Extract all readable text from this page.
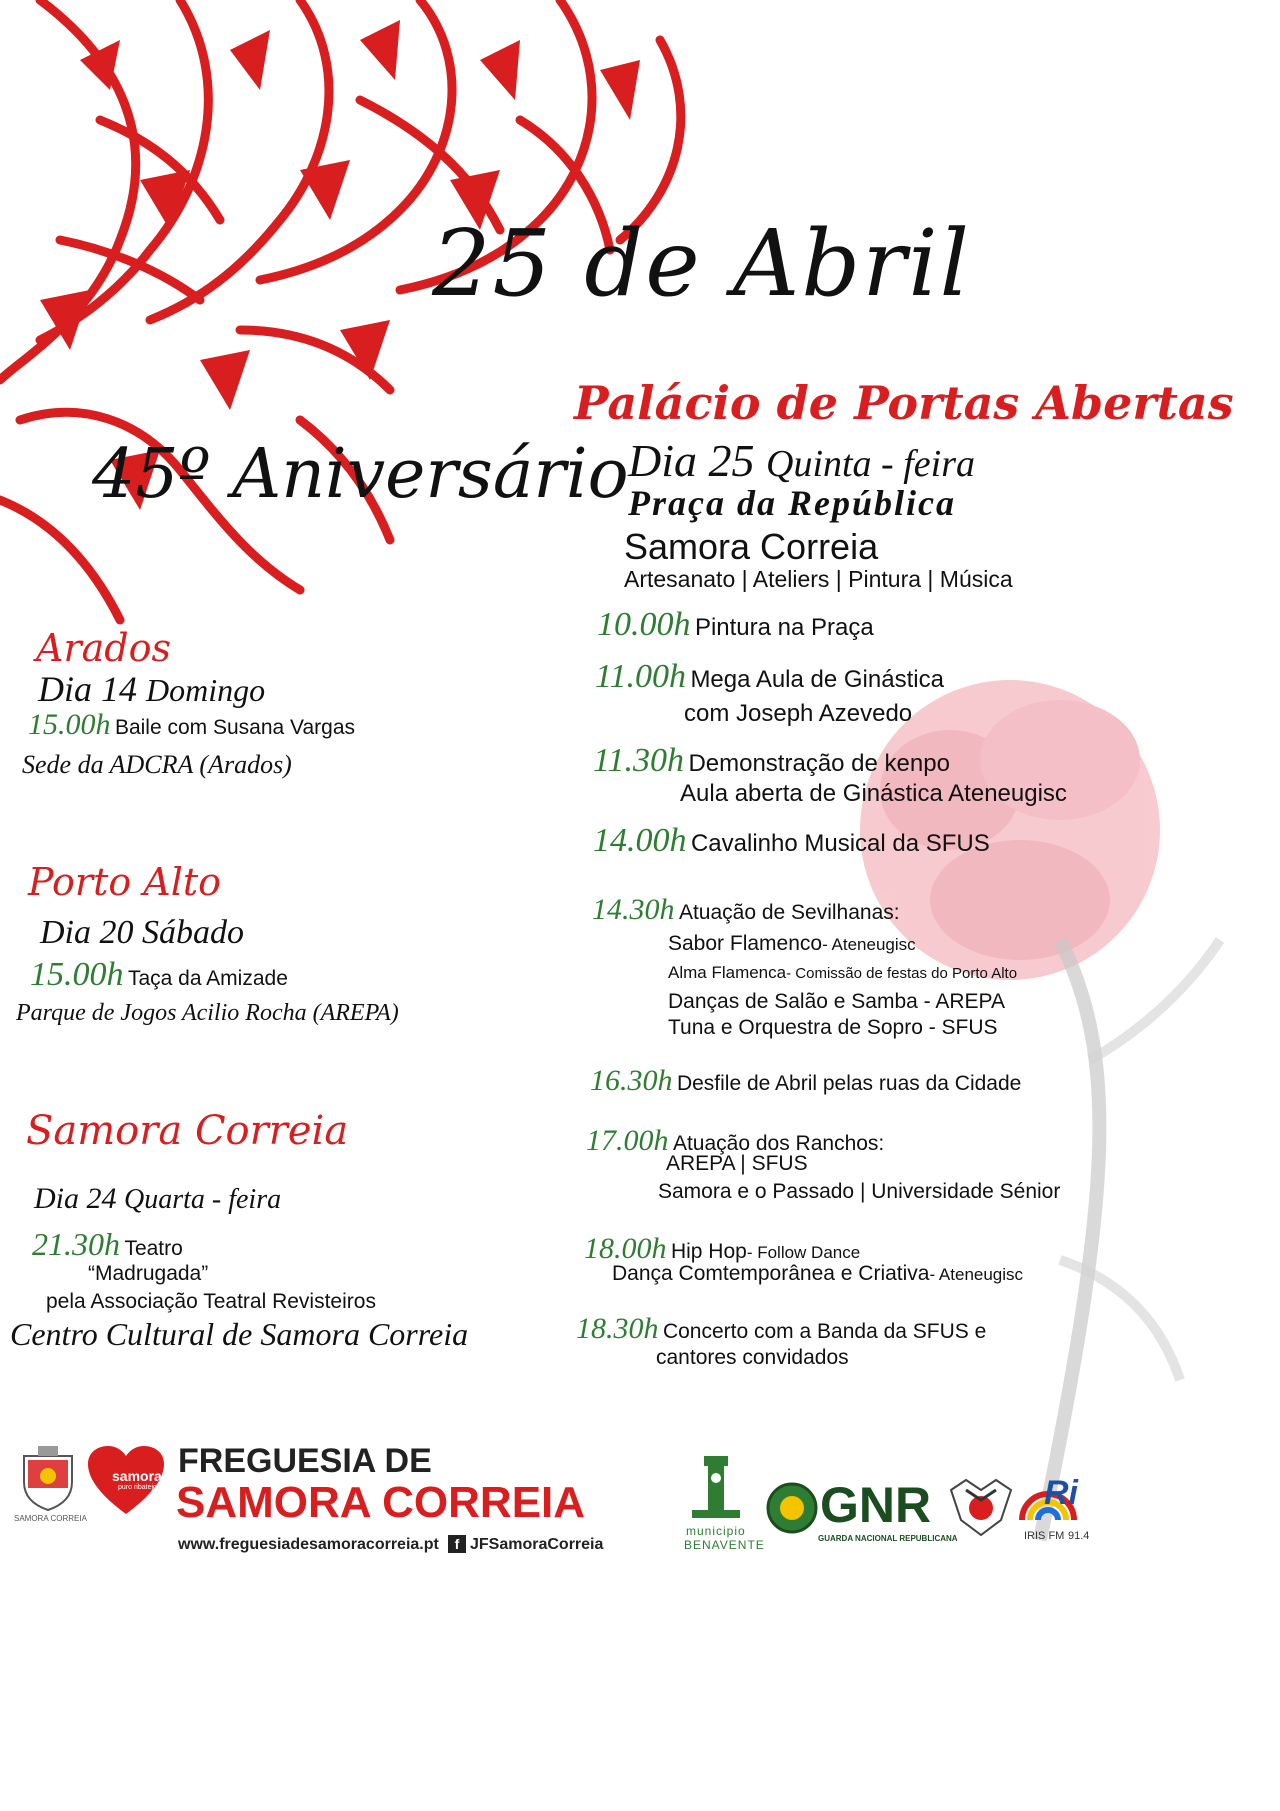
25 de Abril
45º Aniversário
Palácio de Portas Abertas
Dia 25 Quinta - feira
Praça da República
Samora Correia
Artesanato | Ateliers | Pintura | Música
10.00h Pintura na Praça
11.00h Mega Aula de Ginástica
com Joseph Azevedo
11.30h Demonstração de kenpo
Aula aberta de Ginástica Ateneugisc
14.00h Cavalinho Musical da SFUS
14.30h Atuação de Sevilhanas:
Sabor Flamenco- Ateneugisc
Alma Flamenca- Comissão de festas do Porto Alto
Danças de Salão e Samba - AREPA
Tuna e Orquestra de Sopro - SFUS
16.30h Desfile de Abril pelas ruas da Cidade
17.00h Atuação dos Ranchos:
AREPA | SFUS
Samora e o Passado | Universidade Sénior
18.00h Hip Hop- Follow Dance
Dança Comtemporânea e Criativa- Ateneugisc
18.30h Concerto com a Banda da SFUS e
cantores convidados
Arados
Dia 14 Domingo
15.00h Baile com Susana Vargas
Sede da ADCRA (Arados)
Porto Alto
Dia 20 Sábado
15.00h Taça da Amizade
Parque de Jogos Acilio Rocha (AREPA)
Samora Correia
Dia 24 Quarta - feira
21.30h Teatro
“Madrugada”
pela Associação Teatral Revisteiros
Centro Cultural de Samora Correia
SAMORA CORREIA
samora
puro ribatejo
FREGUESIA DE
SAMORA CORREIA
www.freguesiadesamoracorreia.pt	f JFSamoraCorreia
municipio
BENAVENTE
GNR
GUARDA NACIONAL REPUBLICANA
Ri
IRIS FM 91.4
